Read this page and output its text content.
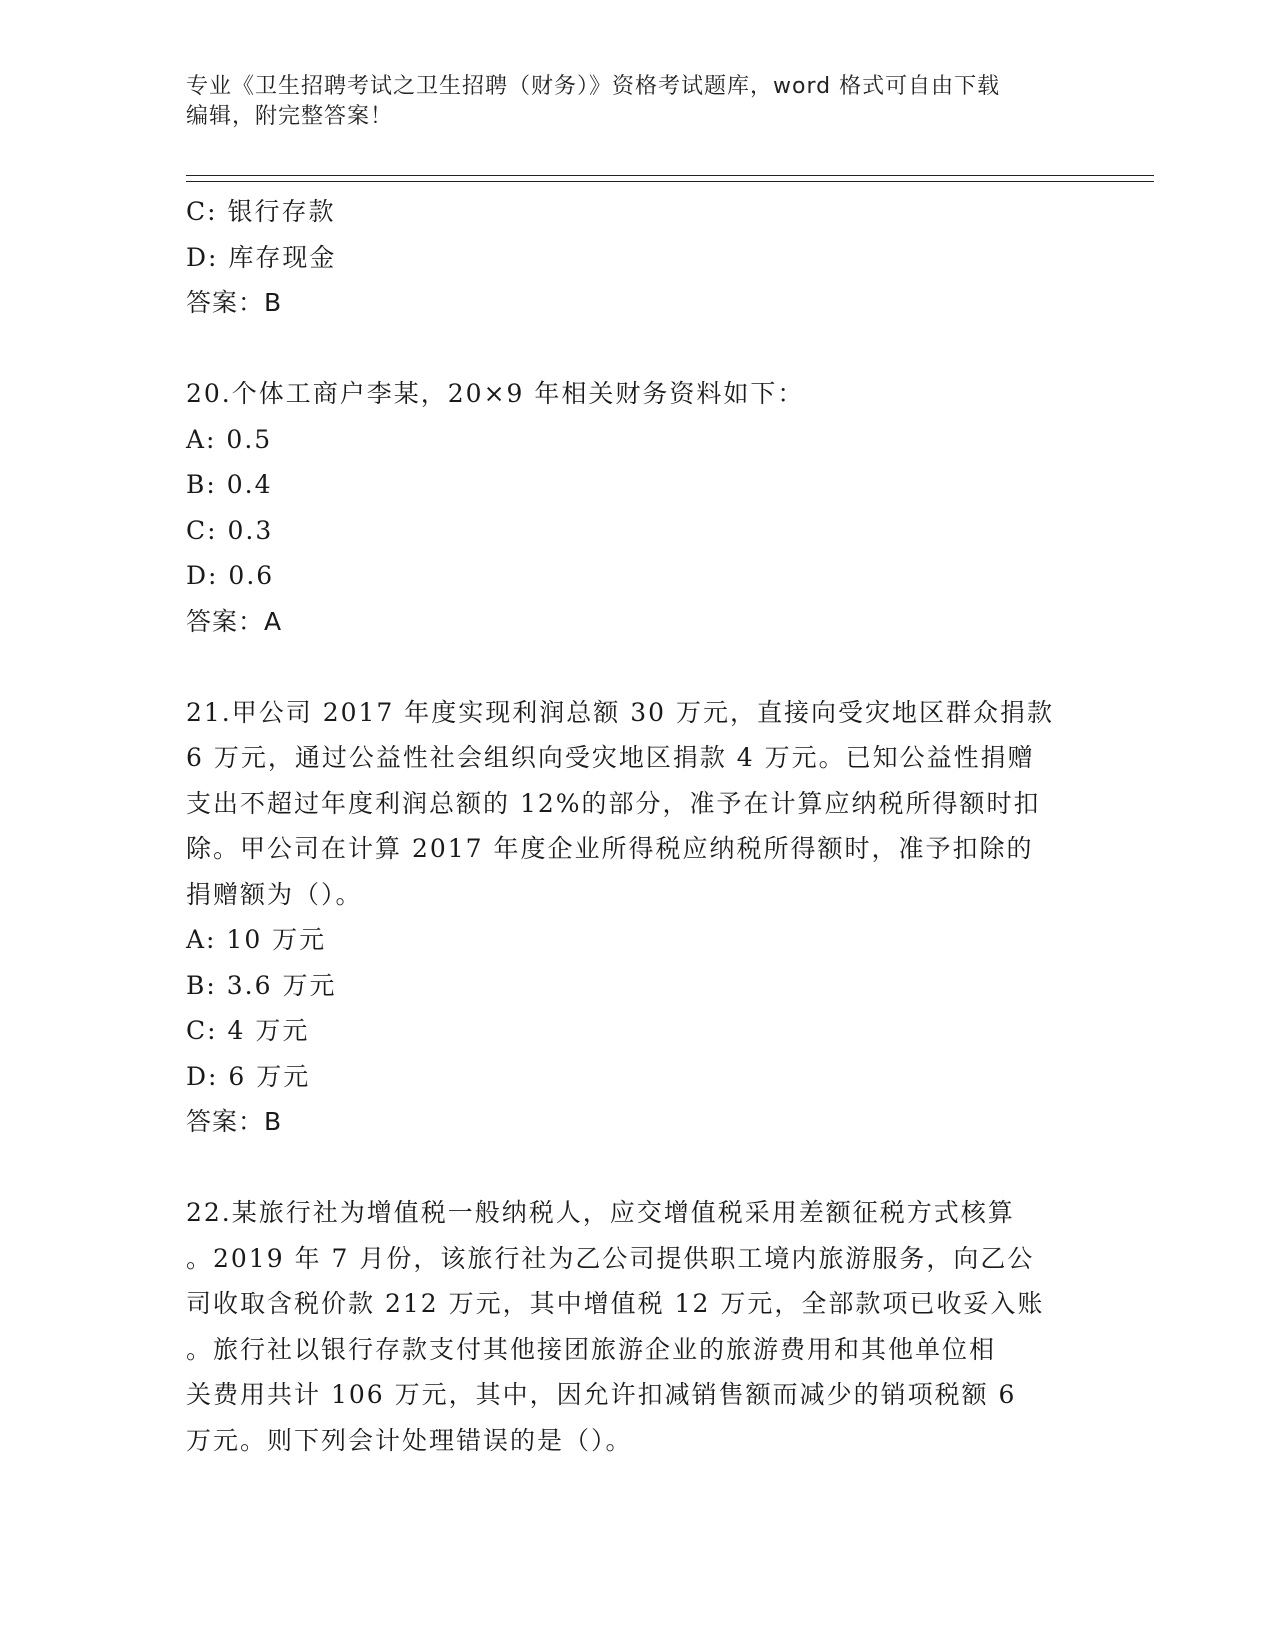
专业《卫生招聘考试之卫生招聘（财务）》资格考试题库，word 格式可自由下载
编辑，附完整答案！
C: 银行存款
D: 库存现金
答案：B
20.个体工商户李某，20×9 年相关财务资料如下：
A: 0.5
B: 0.4
C: 0.3
D: 0.6
答案：A
21.甲公司 2017 年度实现利润总额 30 万元，直接向受灾地区群众捐款
6 万元，通过公益性社会组织向受灾地区捐款 4 万元。已知公益性捐赠
支出不超过年度利润总额的 12%的部分，准予在计算应纳税所得额时扣
除。甲公司在计算 2017 年度企业所得税应纳税所得额时，准予扣除的
捐赠额为（）。
A: 10 万元
B: 3.6 万元
C: 4 万元
D: 6 万元
答案：B
22.某旅行社为增值税一般纳税人，应交增值税采用差额征税方式核算
。2019 年 7 月份，该旅行社为乙公司提供职工境内旅游服务，向乙公
司收取含税价款 212 万元，其中增值税 12 万元，全部款项已收妥入账
。旅行社以银行存款支付其他接团旅游企业的旅游费用和其他单位相
关费用共计 106 万元，其中，因允许扣减销售额而减少的销项税额 6
万元。则下列会计处理错误的是（）。
